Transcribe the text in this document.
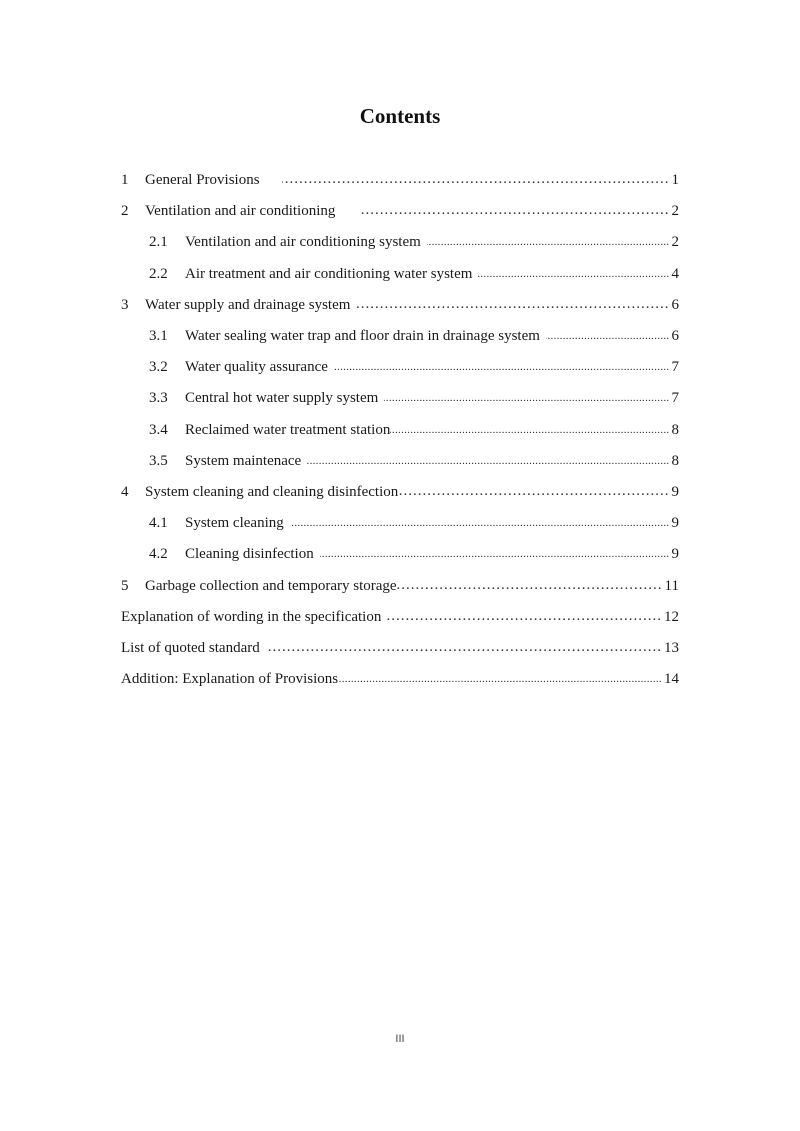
Contents
1	General Provisions .....	1
2	Ventilation and air conditioning .....	2
2.1	Ventilation and air conditioning system .....	2
2.2	Air treatment and air conditioning water system .....	4
3	Water supply and drainage system .....	6
3.1	Water sealing water trap and floor drain in drainage system .....	6
3.2	Water quality assurance .....	7
3.3	Central hot water supply system .....	7
3.4	Reclaimed water treatment station .....	8
3.5	System maintenace .....	8
4	System cleaning and cleaning disinfection .....	9
4.1	System cleaning .....	9
4.2	Cleaning disinfection .....	9
5	Garbage collection and temporary storage .....	11
Explanation of wording in the specification .....	12
List of quoted standard .....	13
Addition: Explanation of Provisions .....	14
III
